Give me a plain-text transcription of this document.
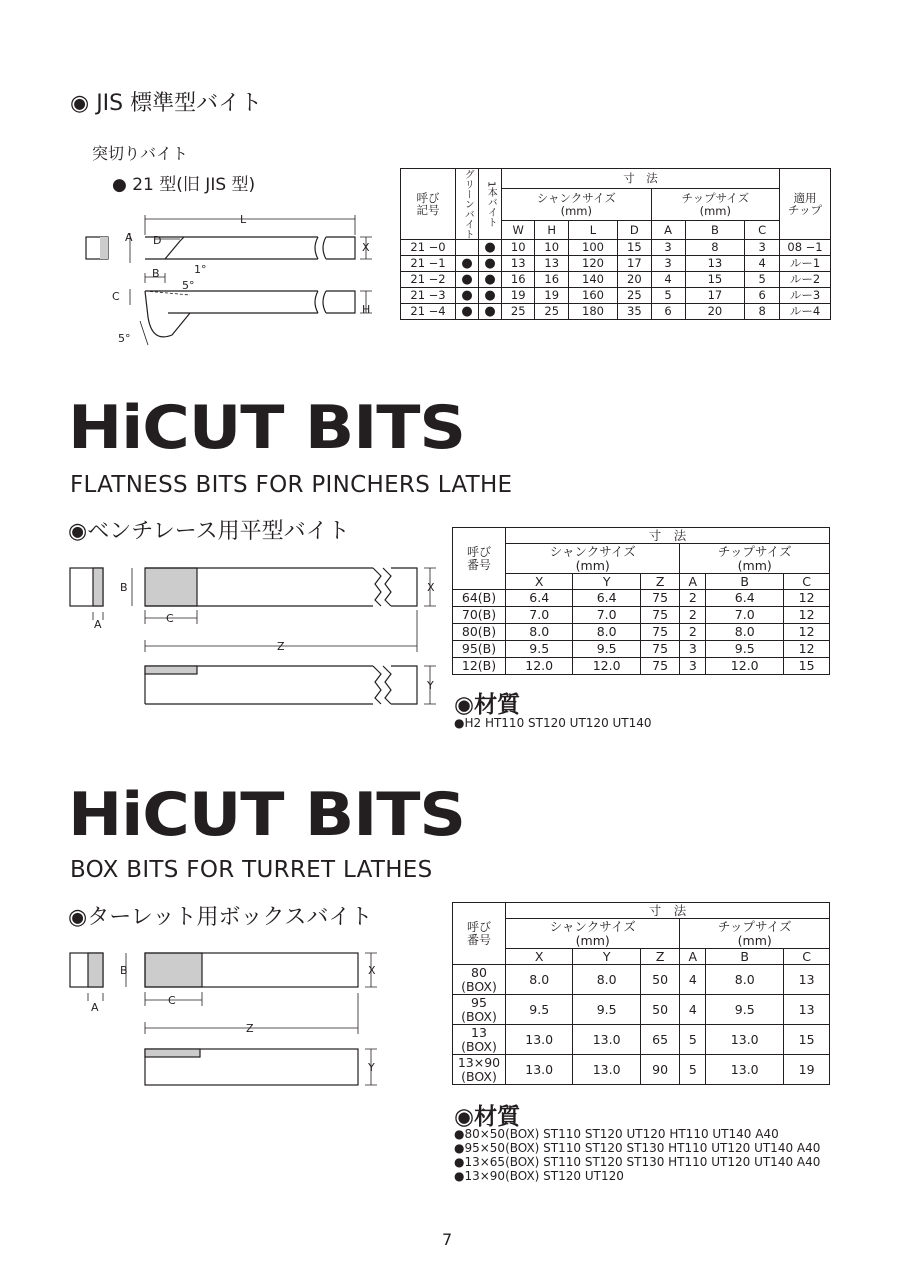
◉ JIS 標準型バイト
突切りバイト
● 21 型(旧 JIS 型)
L
A D
X
B
C
H
1°
5°
5°
呼び
記号	グリーンバイト	1本バイト	寸　法							適用
チップ
			シャンクサイズ
(mm)				チップサイズ
(mm)			
			W	H	L	D	A	B	C	
21 −0		●	10	10	100	15	3	8	3	08 −1
21 −1	●	●	13	13	120	17	3	13	4	ルー1
21 −2	●	●	16	16	140	20	4	15	5	ルー2
21 −3	●	●	19	19	160	25	5	17	6	ルー3
21 −4	●	●	25	25	180	35	6	20	8	ルー4
HiCUT BITS
FLATNESS BITS FOR PINCHERS LATHE
◉ベンチレース用平型バイト
B
A	C
X
Z
Y
呼び
番号	寸　法					
	シャンクサイズ
(mm)			チップサイズ
(mm)		
	X	Y	Z	A	B	C
64(B)	6.4	6.4	75	2	6.4	12
70(B)	7.0	7.0	75	2	7.0	12
80(B)	8.0	8.0	75	2	8.0	12
95(B)	9.5	9.5	75	3	9.5	12
12(B)	12.0	12.0	75	3	12.0	15
◉材質
●H2 HT110 ST120 UT120 UT140
HiCUT BITS
BOX BITS FOR TURRET LATHES
◉ターレット用ボックスバイト
B
A
C
X
Z
Y
呼び
番号	寸　法					
	シャンクサイズ
(mm)			チップサイズ
(mm)		
	X	Y	Z	A	B	C
80
(BOX)	8.0	8.0	50	4	8.0	13
95
(BOX)	9.5	9.5	50	4	9.5	13
13
(BOX)	13.0	13.0	65	5	13.0	15
13×90
(BOX)	13.0	13.0	90	5	13.0	19
◉材質
●80×50(BOX) ST110 ST120 UT120 HT110 UT140 A40
●95×50(BOX) ST110 ST120 ST130 HT110 UT120 UT140 A40
●13×65(BOX) ST110 ST120 ST130 HT110 UT120 UT140 A40
●13×90(BOX) ST120 UT120
7
